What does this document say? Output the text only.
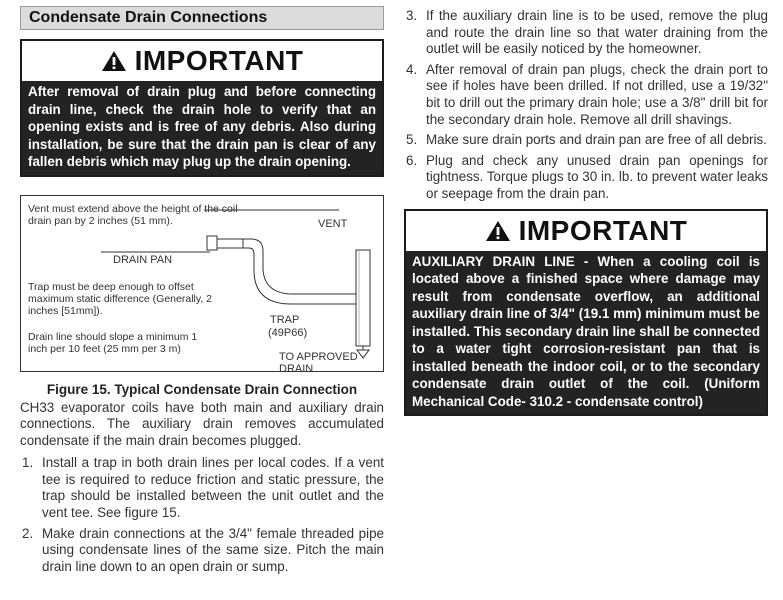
Condensate Drain Connections
IMPORTANT
After removal of drain plug and before connecting drain line, check the drain hole to verify that an opening exists and is free of any debris. Also during installation, be sure that the drain pan is clear of any fallen debris which may plug up the drain opening.
Vent must extend above the height of the coil drain pan by 2 inches (51 mm).	VENT
DRAIN PAN
Trap must be deep enough to offset maximum static difference (Generally, 2 inches [51mm]).
Drain line should slope a minimum 1 inch per 10 feet (25 mm per 3 m)
TRAP
(49P66)
TO APPROVED DRAIN
Figure 15. Typical Condensate Drain Connection

CH33 evaporator coils have both main and auxiliary drain connections. The auxiliary drain removes accumulated condensate if the main drain becomes plugged.

1. Install a trap in both drain lines per local codes. If a vent tee is required to reduce friction and static pressure, the trap should be installed between the unit outlet and the vent tee. See figure 15.
2. Make drain connections at the 3/4" female threaded pipe using condensate lines of the same size. Pitch the main drain line down to an open drain or sump.
3. If the auxiliary drain line is to be used, remove the plug and route the drain line so that water draining from the outlet will be easily noticed by the homeowner.
4. After removal of drain pan plugs, check the drain port to see if holes have been drilled. If not drilled, use a 19/32" bit to drill out the primary drain hole; use a 3/8" drill bit for the secondary drain hole. Remove all drill shavings.
5. Make sure drain ports and drain pan are free of all debris.
6. Plug and check any unused drain pan openings for tightness. Torque plugs to 30 in. lb. to prevent water leaks or seepage from the drain pan.
IMPORTANT
AUXILIARY DRAIN LINE - When a cooling coil is located above a finished space where damage may result from condensate overflow, an additional auxiliary drain line of 3/4" (19.1 mm) minimum must be installed. This secondary drain line shall be connected to a water tight corrosion-resistant pan that is installed beneath the indoor coil, or to the secondary condensate drain outlet of the coil. (Uniform Mechanical Code- 310.2 - condensate control)
